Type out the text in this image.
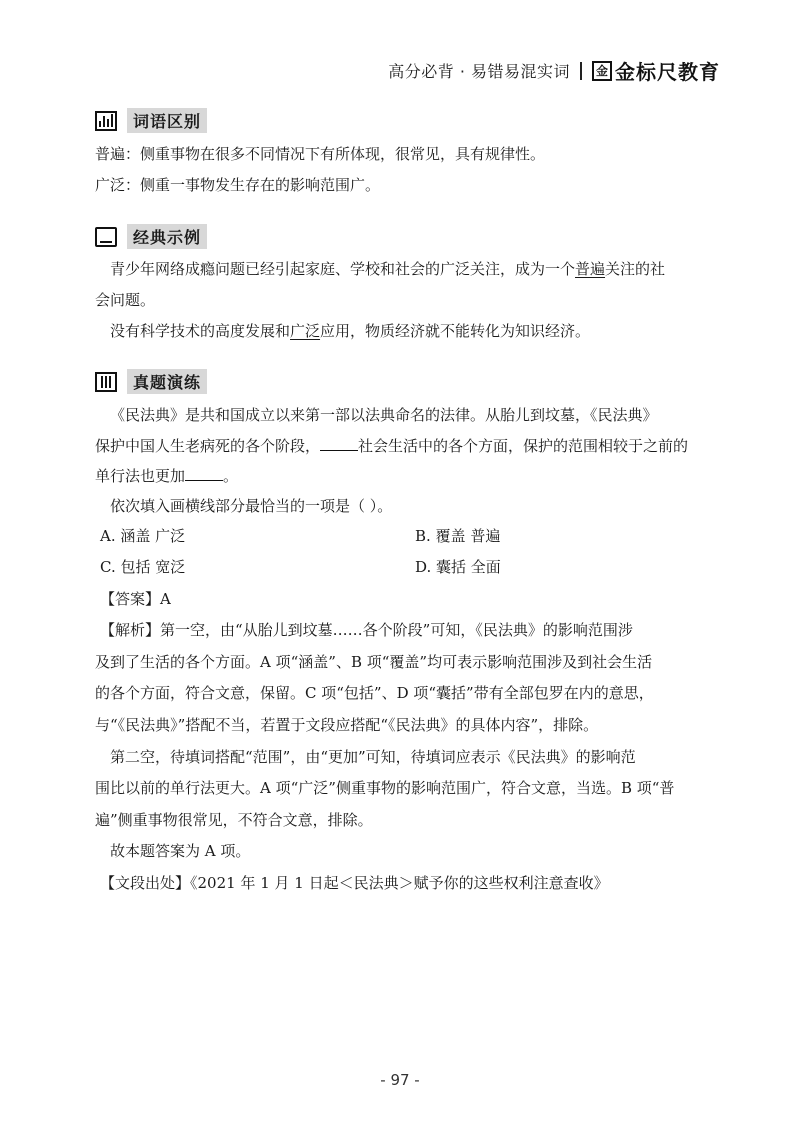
高分必背 · 易错易混实词	金 金标尺教育
词语区别
普遍：侧重事物在很多不同情况下有所体现，很常见，具有规律性。
广泛：侧重一事物发生存在的影响范围广。
经典示例
青少年网络成瘾问题已经引起家庭、学校和社会的广泛关注，成为一个普遍关注的社
会问题。
没有科学技术的高度发展和广泛应用，物质经济就不能转化为知识经济。
真题演练
《民法典》是共和国成立以来第一部以法典命名的法律。从胎儿到坟墓，《民法典》
保护中国人生老病死的各个阶段，	社会生活中的各个方面，保护的范围相较于之前的
单行法也更加	。
依次填入画横线部分最恰当的一项是（ ）。
A. 涵盖 广泛	B. 覆盖 普遍
C. 包括 宽泛	D. 囊括 全面
【答案】A
【解析】第一空，由“从胎儿到坟墓……各个阶段”可知，《民法典》的影响范围涉
及到了生活的各个方面。A 项“涵盖”、B 项“覆盖”均可表示影响范围涉及到社会生活
的各个方面，符合文意，保留。C 项“包括”、D 项“囊括”带有全部包罗在内的意思，
与“《民法典》”搭配不当，若置于文段应搭配“《民法典》的具体内容”，排除。
第二空，待填词搭配“范围”，由“更加”可知，待填词应表示《民法典》的影响范
围比以前的单行法更大。A 项“广泛”侧重事物的影响范围广，符合文意，当选。B 项“普
遍”侧重事物很常见，不符合文意，排除。
故本题答案为 A 项。
【文段出处】《2021 年 1 月 1 日起＜民法典＞赋予你的这些权利注意查收》
- 97 -
